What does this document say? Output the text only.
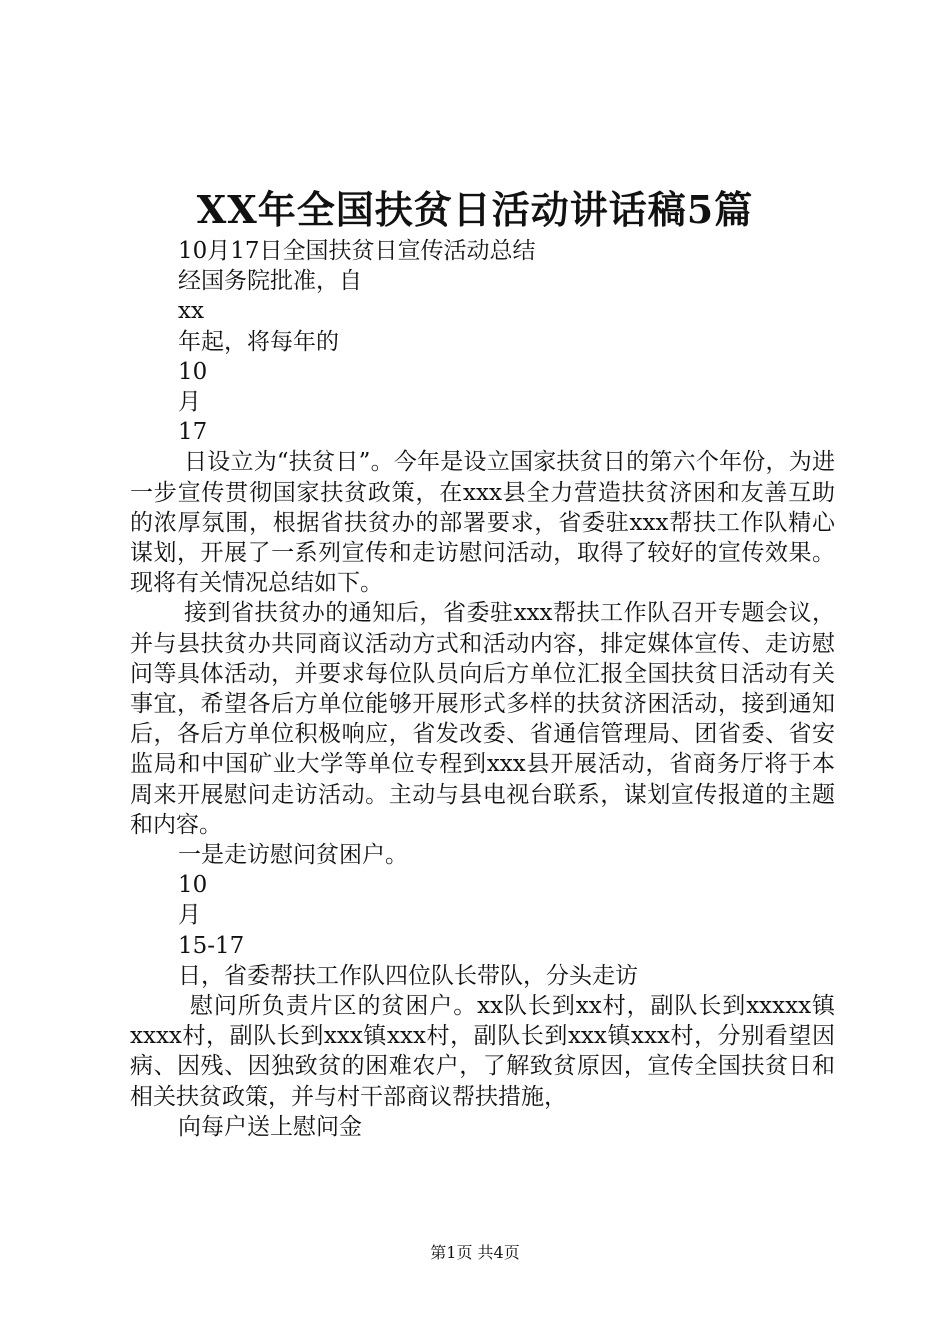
XX年全国扶贫日活动讲话稿5篇
10月17日全国扶贫日宣传活动总结
经国务院批准，自
xx
年起，将每年的
10
月
17
日设立为“扶贫日”。今年是设立国家扶贫日的第六个年份，为进一步宣传贯彻国家扶贫政策，在xxx县全力营造扶贫济困和友善互助的浓厚氛围，根据省扶贫办的部署要求，省委驻xxx帮扶工作队精心谋划，开展了一系列宣传和走访慰问活动，取得了较好的宣传效果。现将有关情况总结如下。
接到省扶贫办的通知后，省委驻xxx帮扶工作队召开专题会议，并与县扶贫办共同商议活动方式和活动内容，排定媒体宣传、走访慰问等具体活动，并要求每位队员向后方单位汇报全国扶贫日活动有关事宜，希望各后方单位能够开展形式多样的扶贫济困活动，接到通知后，各后方单位积极响应，省发改委、省通信管理局、团省委、省安监局和中国矿业大学等单位专程到xxx县开展活动，省商务厅将于本周来开展慰问走访活动。主动与县电视台联系，谋划宣传报道的主题和内容。
一是走访慰问贫困户。
10
月
15-17
日，省委帮扶工作队四位队长带队，分头走访
慰问所负责片区的贫困户。xx队长到xx村，副队长到xxxxx镇xxxx村，副队长到xxx镇xxx村，副队长到xxx镇xxx村，分别看望因病、因残、因独致贫的困难农户，了解致贫原因，宣传全国扶贫日和相关扶贫政策，并与村干部商议帮扶措施，
向每户送上慰问金
第1页 共4页
